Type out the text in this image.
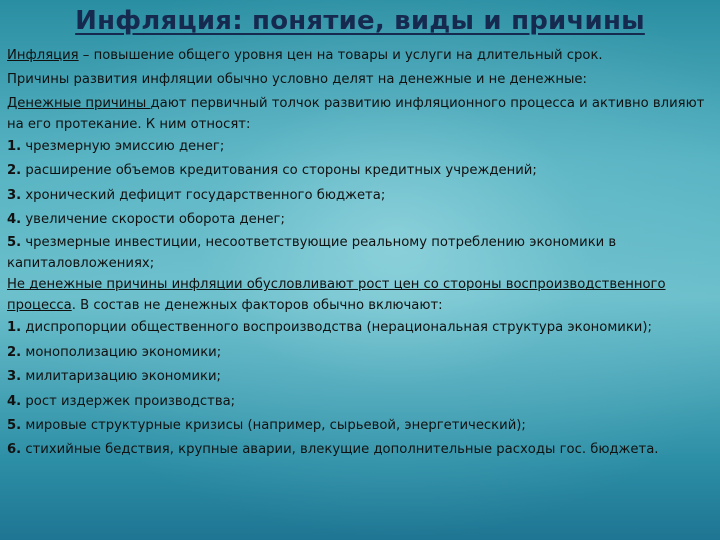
Инфляция: понятие, виды и причины

Инфляция – повышение общего уровня цен на товары и услуги на длительный срок.

Причины развития инфляции обычно условно делят на денежные и не денежные:

Денежные причины дают первичный толчок развитию инфляционного процесса и активно влияют на его протекание. К ним относят:

1. чрезмерную эмиссию денег;

2. расширение объемов кредитования со стороны кредитных учреждений;

3. хронический дефицит государственного бюджета;

4. увеличение скорости оборота денег;

5. чрезмерные инвестиции, несоответствующие реальному потреблению экономики в капиталовложениях;

Не денежные причины инфляции обусловливают рост цен со стороны воспроизводственного процесса. В состав не денежных факторов обычно включают:

1. диспропорции общественного воспроизводства (нерациональная структура экономики);

2. монополизацию экономики;

3. милитаризацию экономики;

4. рост издержек производства;

5. мировые структурные кризисы (например, сырьевой, энергетический);

6. стихийные бедствия, крупные аварии, влекущие дополнительные расходы гос. бюджета.
